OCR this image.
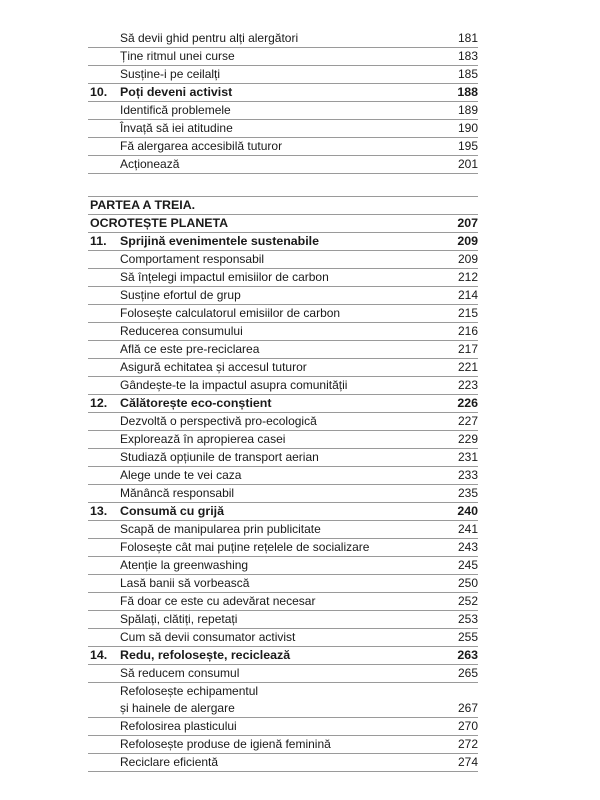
Să devii ghid pentru alți alergători	181
Ține ritmul unei curse	183
Susține-i pe ceilalți	185
10. Poți deveni activist	188
Identifică problemele	189
Învață să iei atitudine	190
Fă alergarea accesibilă tuturor	195
Acționează	201
PARTEA A TREIA.
OCROTEȘTE PLANETA	207
11. Sprijină evenimentele sustenabile	209
Comportament responsabil	209
Să înțelegi impactul emisiilor de carbon	212
Susține efortul de grup	214
Folosește calculatorul emisiilor de carbon	215
Reducerea consumului	216
Află ce este pre-reciclarea	217
Asigură echitatea și accesul tuturor	221
Gândește-te la impactul asupra comunității	223
12. Călătorește eco-conștient	226
Dezvoltă o perspectivă pro-ecologică	227
Explorează în apropierea casei	229
Studiază opțiunile de transport aerian	231
Alege unde te vei caza	233
Mănâncă responsabil	235
13. Consumă cu grijă	240
Scapă de manipularea prin publicitate	241
Folosește cât mai puține rețelele de socializare	243
Atenție la greenwashing	245
Lasă banii să vorbească	250
Fă doar ce este cu adevărat necesar	252
Spălați, clătiți, repetați	253
Cum să devii consumator activist	255
14. Redu, refolosește, reciclează	263
Să reducem consumul	265
Refolosește echipamentul
și hainele de alergare	267
Refolosirea plasticului	270
Refolosește produse de igienă feminină	272
Reciclare eficientă	274
